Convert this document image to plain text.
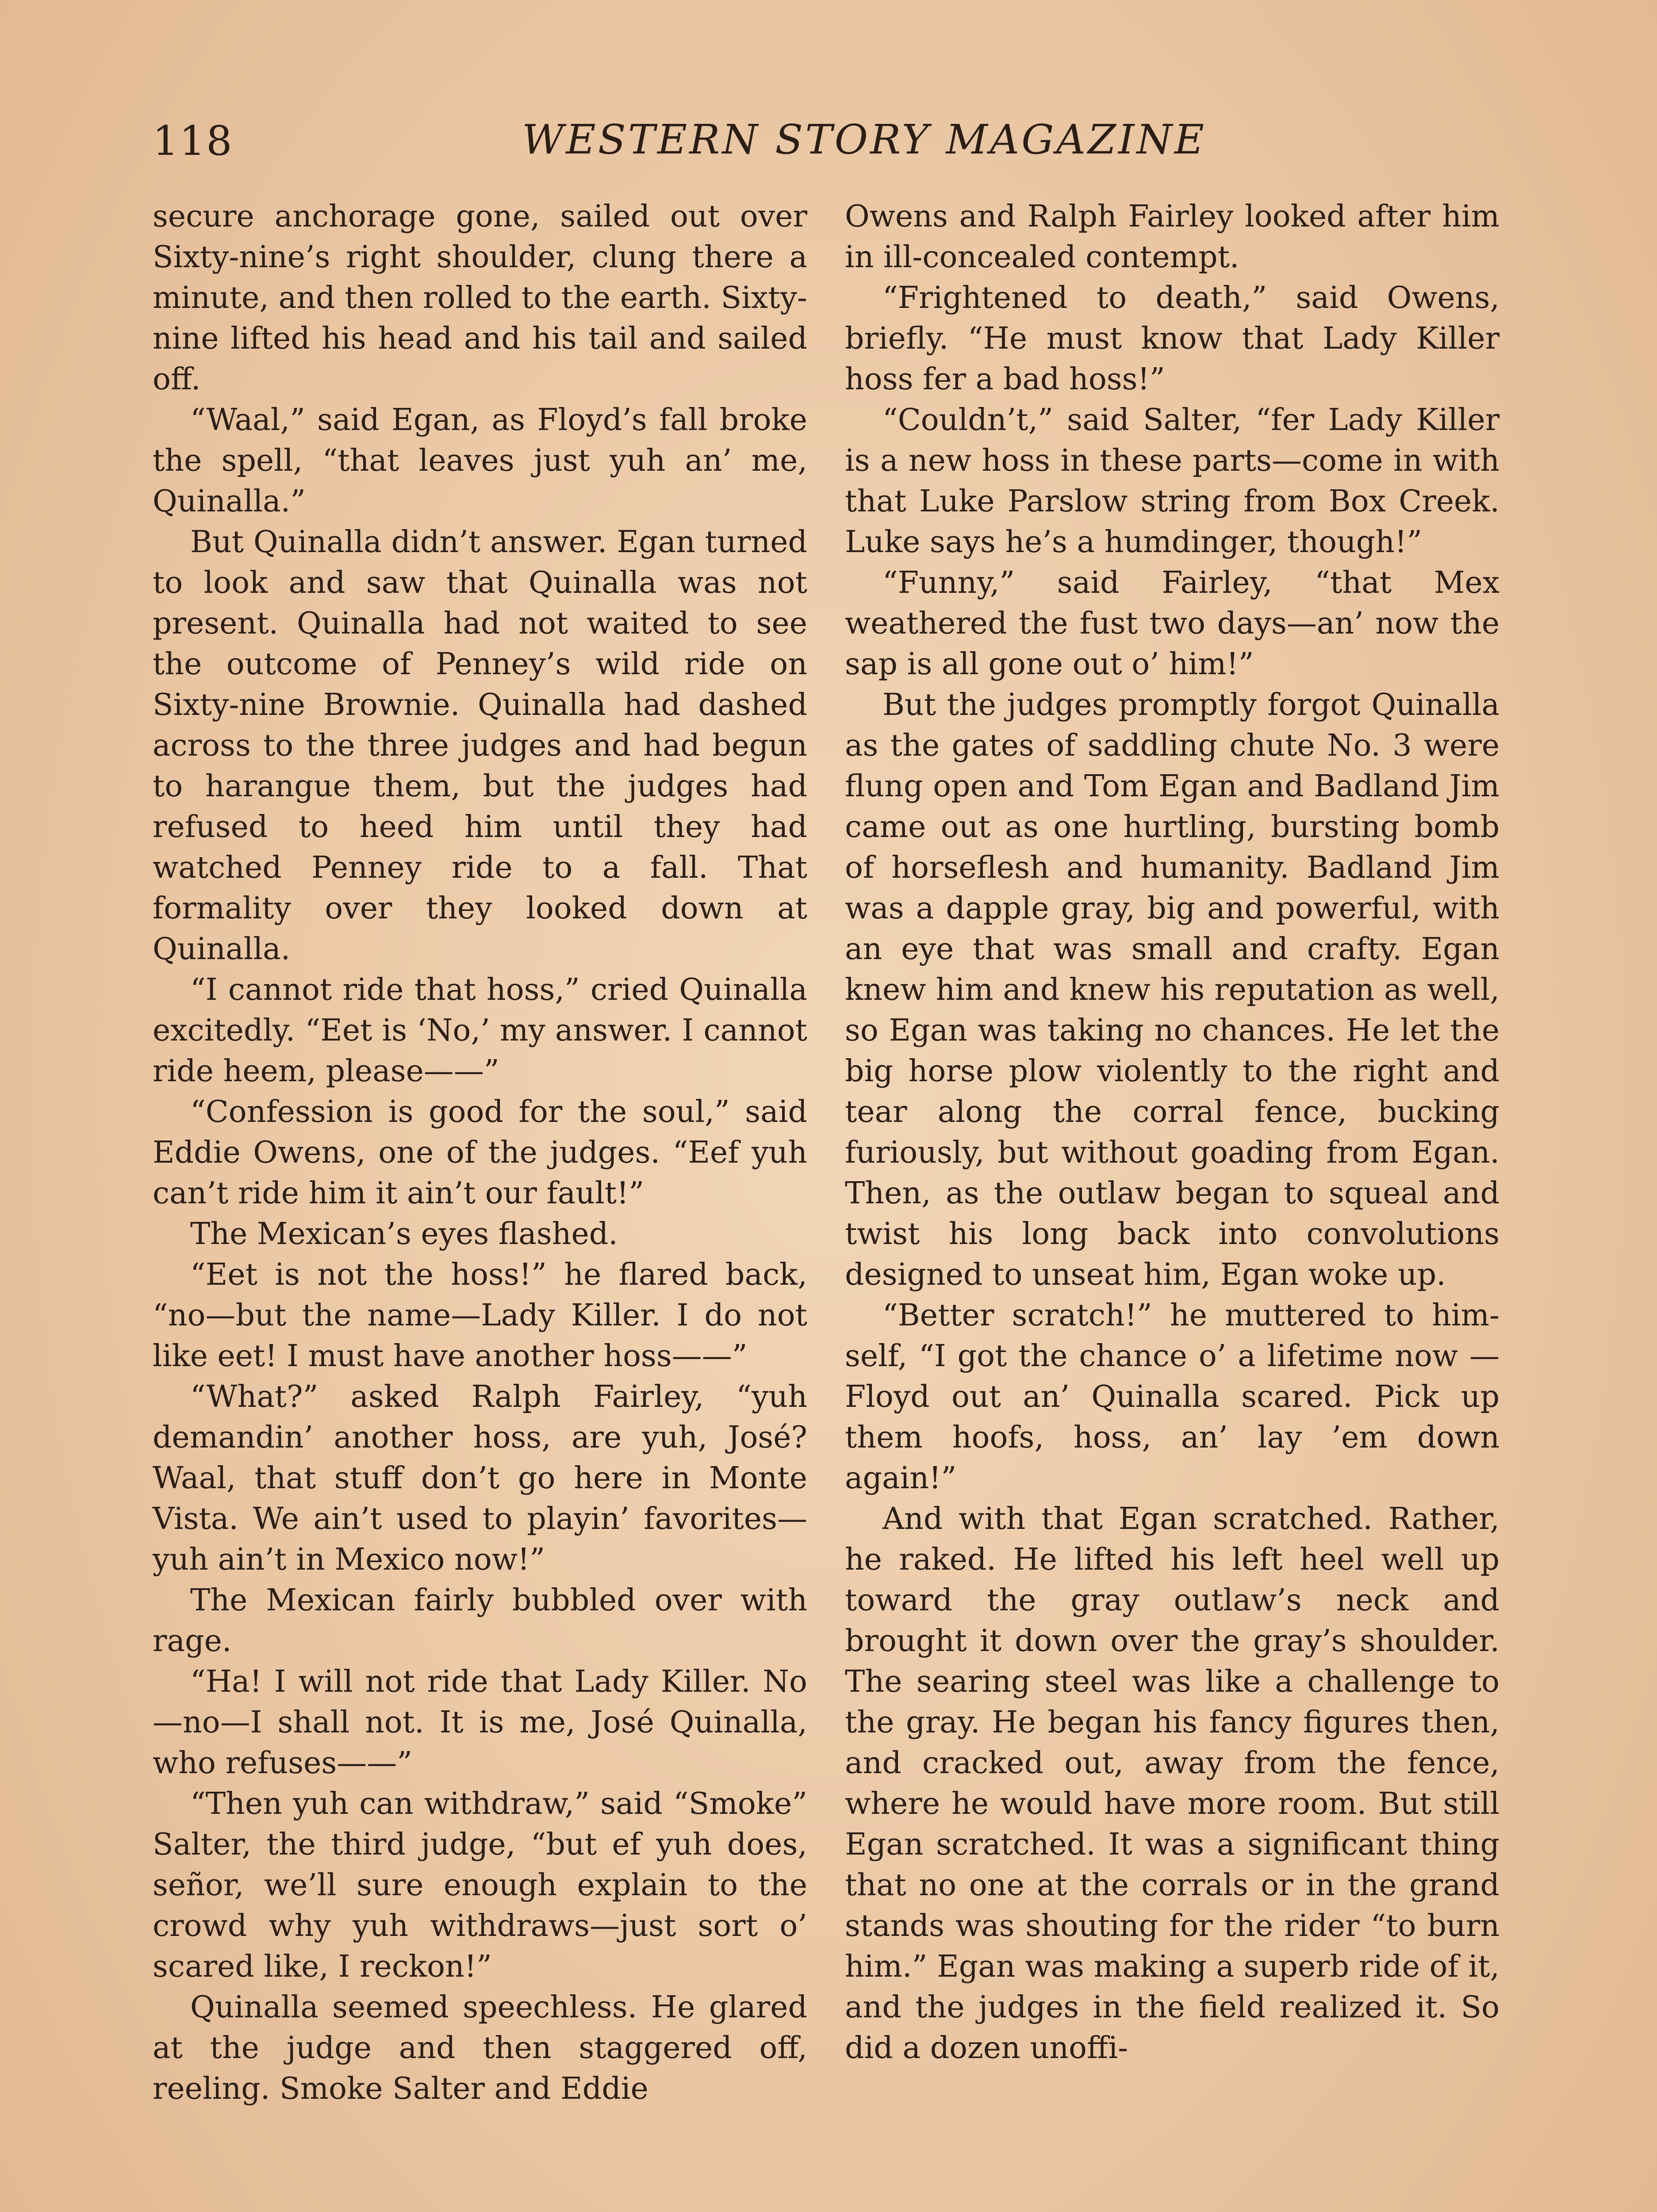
118	WESTERN STORY MAGAZINE

secure anchorage gone, sailed out over Sixty-nine’s right shoulder, clung there a minute, and then rolled to the earth. Sixty-nine lifted his head and his tail and sailed off.

“Waal,” said Egan, as Floyd’s fall broke the spell, “that leaves just yuh an’ me, Quinalla.”

But Quinalla didn’t answer. Egan turned to look and saw that Quinalla was not present. Quinalla had not waited to see the outcome of Penney’s wild ride on Sixty-nine Brownie. Quinalla had dashed across to the three judges and had begun to harangue them, but the judges had refused to heed him until they had watched Penney ride to a fall. That formality over they looked down at Quinalla.

“I cannot ride that hoss,” cried Quinalla excitedly. “Eet is ‘No,’ my answer. I cannot ride heem, please——”

“Confession is good for the soul,” said Eddie Owens, one of the judges. “Eef yuh can’t ride him it ain’t our fault!”

The Mexican’s eyes flashed.

“Eet is not the hoss!” he flared back, “no—but the name—Lady Killer. I do not like eet! I must have another hoss——”

“What?” asked Ralph Fairley, “yuh demandin’ another hoss, are yuh, José? Waal, that stuff don’t go here in Monte Vista. We ain’t used to playin’ favorites—yuh ain’t in Mexico now!”

The Mexican fairly bubbled over with rage.

“Ha! I will not ride that Lady Killer. No—no—I shall not. It is me, José Quinalla, who refuses——”

“Then yuh can withdraw,” said “Smoke” Salter, the third judge, “but ef yuh does, señor, we’ll sure enough explain to the crowd why yuh withdraws—just sort o’ scared like, I reckon!”

Quinalla seemed speechless. He glared at the judge and then staggered off, reeling. Smoke Salter and Eddie

Owens and Ralph Fairley looked after him in ill-concealed contempt.

“Frightened to death,” said Owens, briefly. “He must know that Lady Killer hoss fer a bad hoss!”

“Couldn’t,” said Salter, “fer Lady Killer is a new hoss in these parts—come in with that Luke Parslow string from Box Creek. Luke says he’s a humdinger, though!”

“Funny,” said Fairley, “that Mex weathered the fust two days—an’ now the sap is all gone out o’ him!”

But the judges promptly forgot Quinalla as the gates of saddling chute No. 3 were flung open and Tom Egan and Badland Jim came out as one hurtling, bursting bomb of horseflesh and humanity. Badland Jim was a dapple gray, big and powerful, with an eye that was small and crafty. Egan knew him and knew his reputation as well, so Egan was taking no chances. He let the big horse plow violently to the right and tear along the corral fence, bucking furiously, but without goading from Egan. Then, as the outlaw began to squeal and twist his long back into convolutions designed to unseat him, Egan woke up.

“Better scratch!” he muttered to himself, “I got the chance o’ a lifetime now —Floyd out an’ Quinalla scared. Pick up them hoofs, hoss, an’ lay ’em down again!”

And with that Egan scratched. Rather, he raked. He lifted his left heel well up toward the gray outlaw’s neck and brought it down over the gray’s shoulder. The searing steel was like a challenge to the gray. He began his fancy figures then, and cracked out, away from the fence, where he would have more room. But still Egan scratched. It was a significant thing that no one at the corrals or in the grand stands was shouting for the rider “to burn him.” Egan was making a superb ride of it, and the judges in the field realized it. So did a dozen unoffi-
